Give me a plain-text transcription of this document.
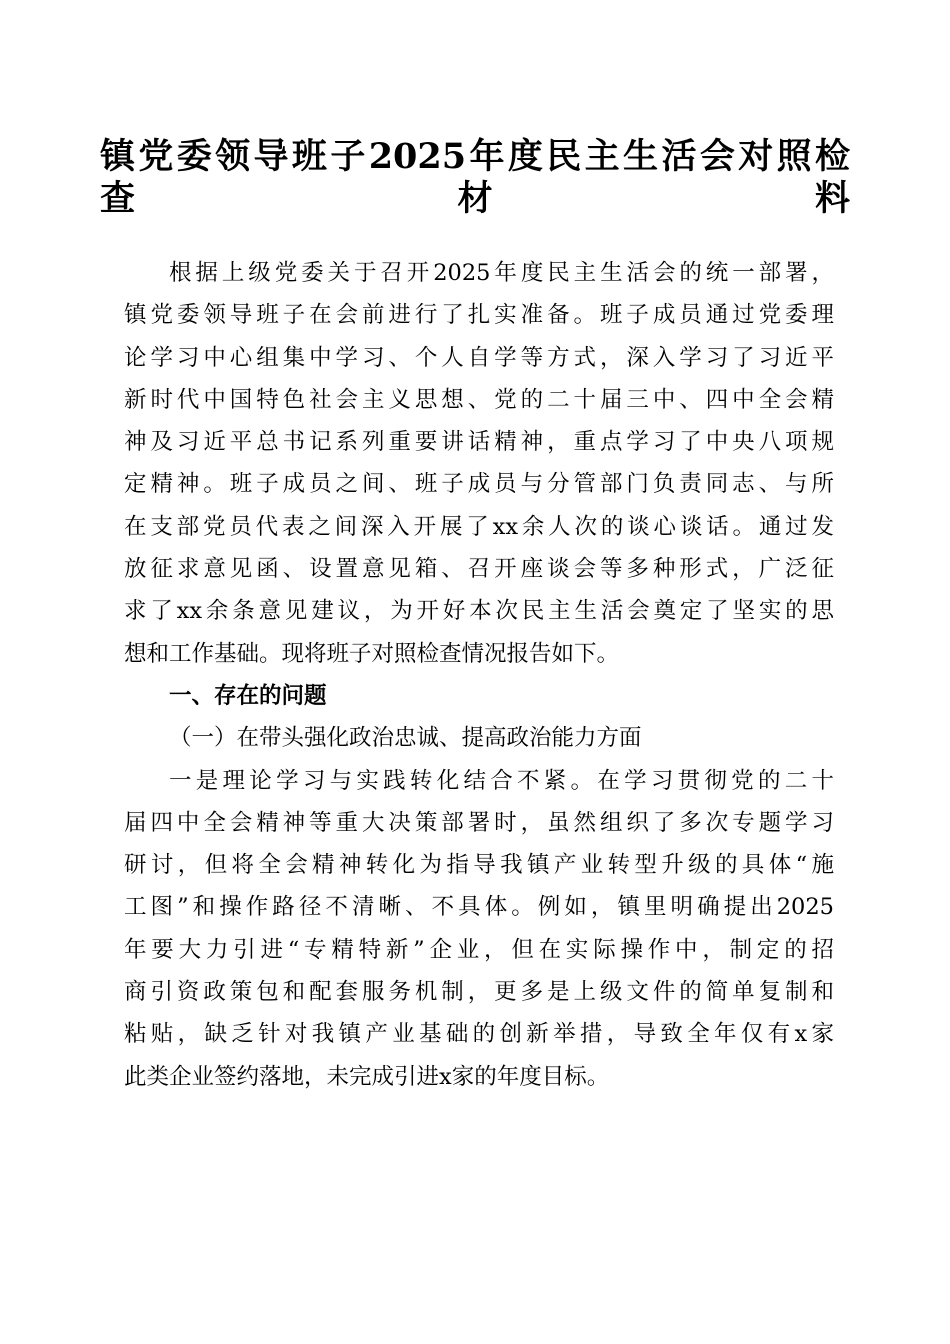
镇党委领导班子2025年度民主生活会对照检
查材料
根据上级党委关于召开2025年度民主生活会的统一部署，
镇党委领导班子在会前进行了扎实准备。班子成员通过党委理
论学习中心组集中学习、个人自学等方式，深入学习了习近平
新时代中国特色社会主义思想、党的二十届三中、四中全会精
神及习近平总书记系列重要讲话精神，重点学习了中央八项规
定精神。班子成员之间、班子成员与分管部门负责同志、与所
在支部党员代表之间深入开展了xx余人次的谈心谈话。通过发
放征求意见函、设置意见箱、召开座谈会等多种形式，广泛征
求了xx余条意见建议，为开好本次民主生活会奠定了坚实的思
想和工作基础。现将班子对照检查情况报告如下。
一、存在的问题
（一）在带头强化政治忠诚、提高政治能力方面
一是理论学习与实践转化结合不紧。在学习贯彻党的二十
届四中全会精神等重大决策部署时，虽然组织了多次专题学习
研讨，但将全会精神转化为指导我镇产业转型升级的具体“施
工图”和操作路径不清晰、不具体。例如，镇里明确提出2025
年要大力引进“专精特新”企业，但在实际操作中，制定的招
商引资政策包和配套服务机制，更多是上级文件的简单复制和
粘贴，缺乏针对我镇产业基础的创新举措，导致全年仅有x家
此类企业签约落地，未完成引进x家的年度目标。
